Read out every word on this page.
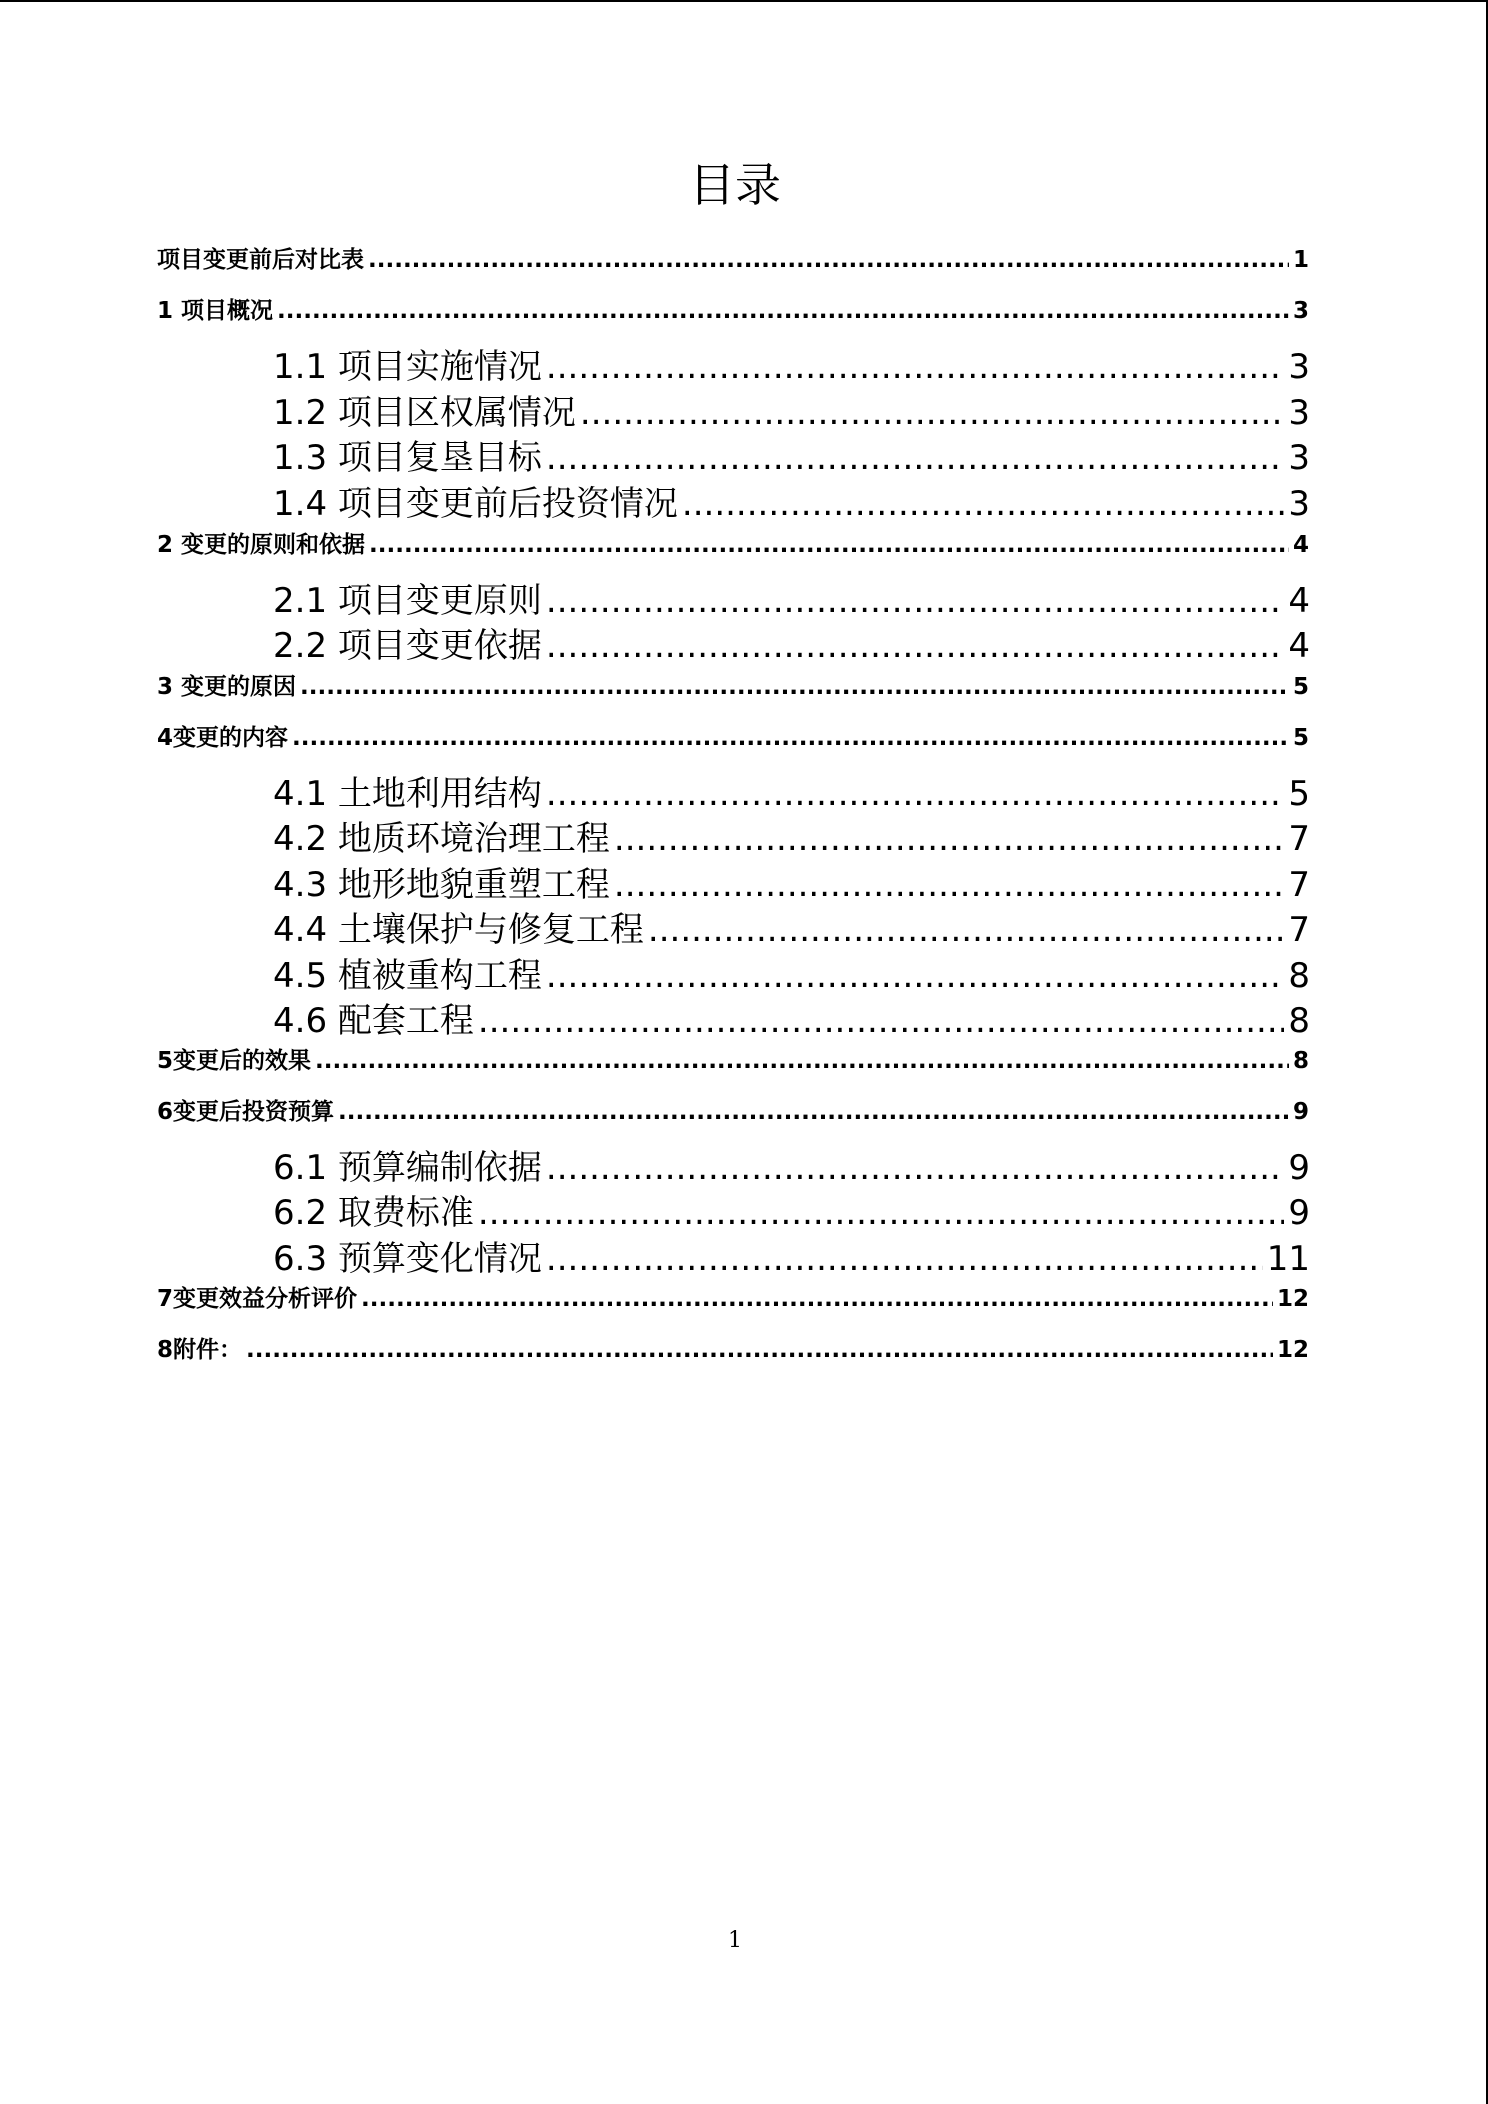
目录
项目变更前后对比表 .....	1
1 项目概况 .....	3
1.1 项目实施情况 .....	3
1.2 项目区权属情况 .....	3
1.3 项目复垦目标 .....	3
1.4 项目变更前后投资情况 .....	3
2 变更的原则和依据 .....	4
2.1 项目变更原则 .....	4
2.2 项目变更依据 .....	4
3 变更的原因 .....	5
4变更的内容 .....	5
4.1 土地利用结构 .....	5
4.2 地质环境治理工程 .....	7
4.3 地形地貌重塑工程 .....	7
4.4 土壤保护与修复工程 .....	7
4.5 植被重构工程 .....	8
4.6 配套工程 .....	8
5变更后的效果 .....	8
6变更后投资预算 .....	9
6.1 预算编制依据 .....	9
6.2 取费标准 .....	9
6.3 预算变化情况 .....	11
7变更效益分析评价 .....	12
8附件： .....	12
1
